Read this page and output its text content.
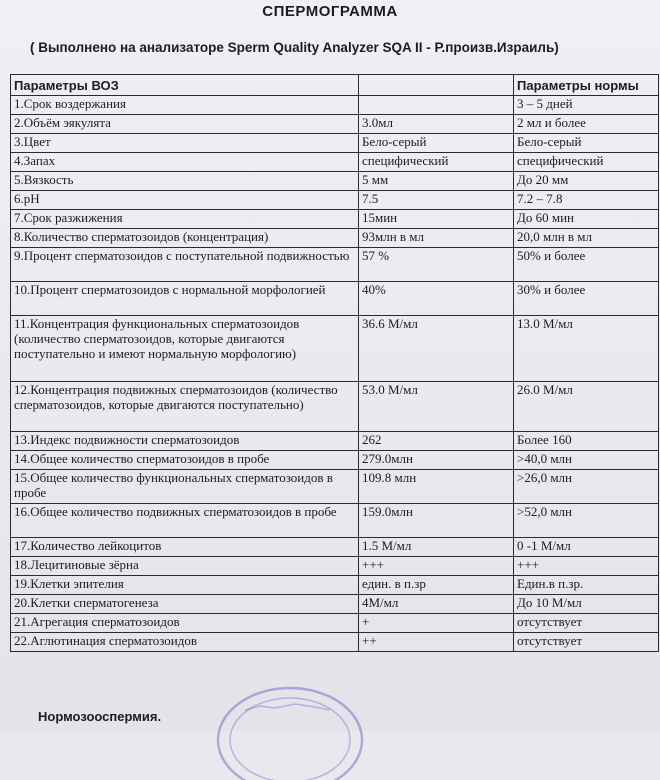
СПЕРМОГРАММА
( Выполнено на анализаторе Sperm Quality Analyzer SQA II - Р.произв.Израиль)
Параметры ВОЗ		Параметры нормы
1.Срок воздержания		3 – 5 дней
2.Объём эякулята	3.0мл	2 мл и более
3.Цвет	Бело-серый	Бело-серый
4.Запах	специфический	специфический
5.Вязкость	5 мм	До 20 мм
6.pH	7.5	7.2 – 7.8
7.Срок разжижения	15мин	До 60 мин
8.Количество сперматозоидов (концентрация)	93млн в мл	20,0 млн в мл
9.Процент сперматозоидов с поступательной подвижностью	57 %	50% и более
10.Процент сперматозоидов с нормальной морфологией	40%	30% и более
11.Концентрация функциональных сперматозоидов (количество сперматозоидов, которые двигаются поступательно и имеют нормальную морфологию)	36.6 М/мл	13.0 М/мл
12.Концентрация подвижных сперматозоидов (количество сперматозоидов, которые двигаются поступательно)	53.0 М/мл	26.0 М/мл
13.Индекс подвижности сперматозоидов	262	Более 160
14.Общее количество сперматозоидов в пробе	279.0млн	>40,0 млн
15.Общее количество функциональных сперматозоидов в пробе	109.8 млн	>26,0 млн
16.Общее количество подвижных сперматозоидов в пробе	159.0млн	>52,0 млн
17.Количество лейкоцитов	1.5 М/мл	0 -1 М/мл
18.Лецитиновые зёрна	+++	+++
19.Клетки эпителия	един. в п.зр	Един.в п.зр.
20.Клетки сперматогенеза	4М/мл	До 10 М/мл
21.Агрегация сперматозоидов	+	отсутствует
22.Аглютинация сперматозоидов	++	отсутствует
Нормозооспермия.
